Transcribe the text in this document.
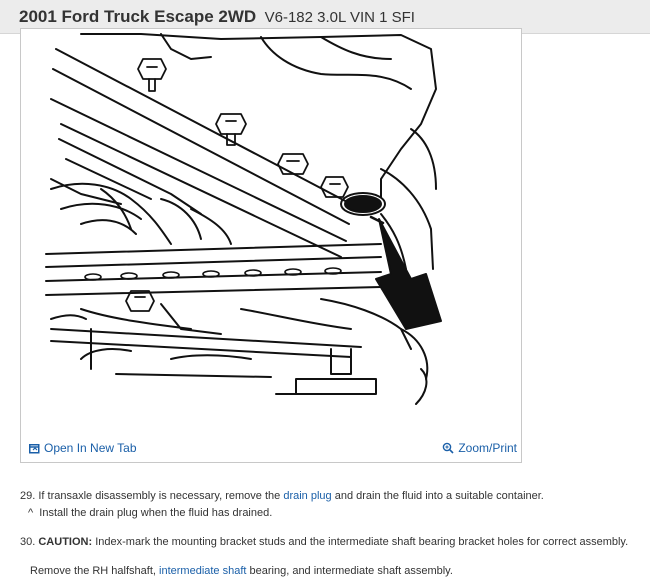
2001 Ford Truck Escape 2WD V6-182 3.0L VIN 1 SFI
Open In New Tab	Zoom/Print
29. If transaxle disassembly is necessary, remove the drain plug and drain the fluid into a suitable container.
^ Install the drain plug when the fluid has drained.
30. CAUTION: Index-mark the mounting bracket studs and the intermediate shaft bearing bracket holes for correct assembly.
Remove the RH halfshaft, intermediate shaft bearing, and intermediate shaft assembly.
